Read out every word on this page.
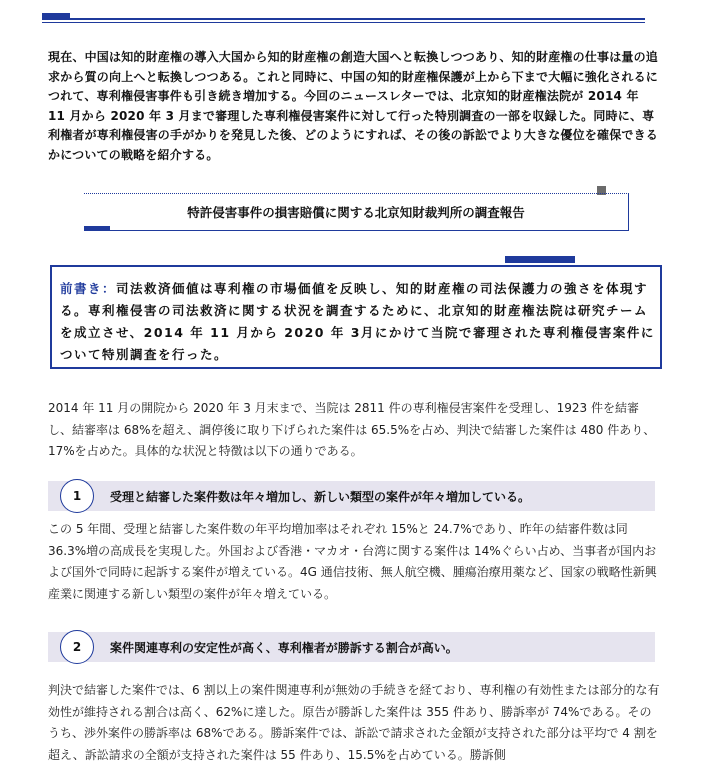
現在、中国は知的財産権の導入大国から知的財産権の創造大国へと転換しつつあり、知的財産権の仕事は量の追求から質の向上へと転換しつつある。これと同時に、中国の知的財産権保護が上から下まで大幅に強化されるにつれて、専利権侵害事件も引き続き増加する。今回のニュースレターでは、北京知的財産権法院が 2014 年 11 月から 2020 年 3 月まで審理した専利権侵害案件に対して行った特別調査の一部を収録した。同時に、専利権者が専利権侵害の手がかりを発見した後、どのようにすれば、その後の訴訟でより大きな優位を確保できるかについての戦略を紹介する。
特許侵害事件の損害賠償に関する北京知財裁判所の調査報告
前書き：司法救済価値は専利権の市場価値を反映し、知的財産権の司法保護力の強さを体現する。専利権侵害の司法救済に関する状況を調査するために、北京知的財産権法院は研究チームを成立させ、2014 年 11 月から 2020 年 3月にかけて当院で審理された専利権侵害案件について特別調査を行った。
2014 年 11 月の開院から 2020 年 3 月末まで、当院は 2811 件の専利権侵害案件を受理し、1923 件を結審し、結審率は 68%を超え、調停後に取り下げられた案件は 65.5%を占め、判決で結審した案件は 480 件あり、17%を占めた。具体的な状況と特徴は以下の通りである。
1	受理と結審した案件数は年々増加し、新しい類型の案件が年々増加している。
この 5 年間、受理と結審した案件数の年平均増加率はそれぞれ 15%と 24.7%であり、昨年の結審件数は同 36.3%増の高成長を実現した。外国および香港・マカオ・台湾に関する案件は 14%ぐらい占め、当事者が国内および国外で同時に起訴する案件が増えている。4G 通信技術、無人航空機、腫瘍治療用薬など、国家の戦略性新興産業に関連する新しい類型の案件が年々増えている。
2	案件関連専利の安定性が高く、専利権者が勝訴する割合が高い。
判決で結審した案件では、6 割以上の案件関連専利が無効の手続きを経ており、専利権の有効性または部分的な有効性が維持される割合は高く、62%に達した。原告が勝訴した案件は 355 件あり、勝訴率が 74%である。そのうち、渉外案件の勝訴率は 68%である。勝訴案件では、訴訟で請求された金額が支持された部分は平均で 4 割を超え、訴訟請求の全額が支持された案件は 55 件あり、15.5%を占めている。勝訴側
